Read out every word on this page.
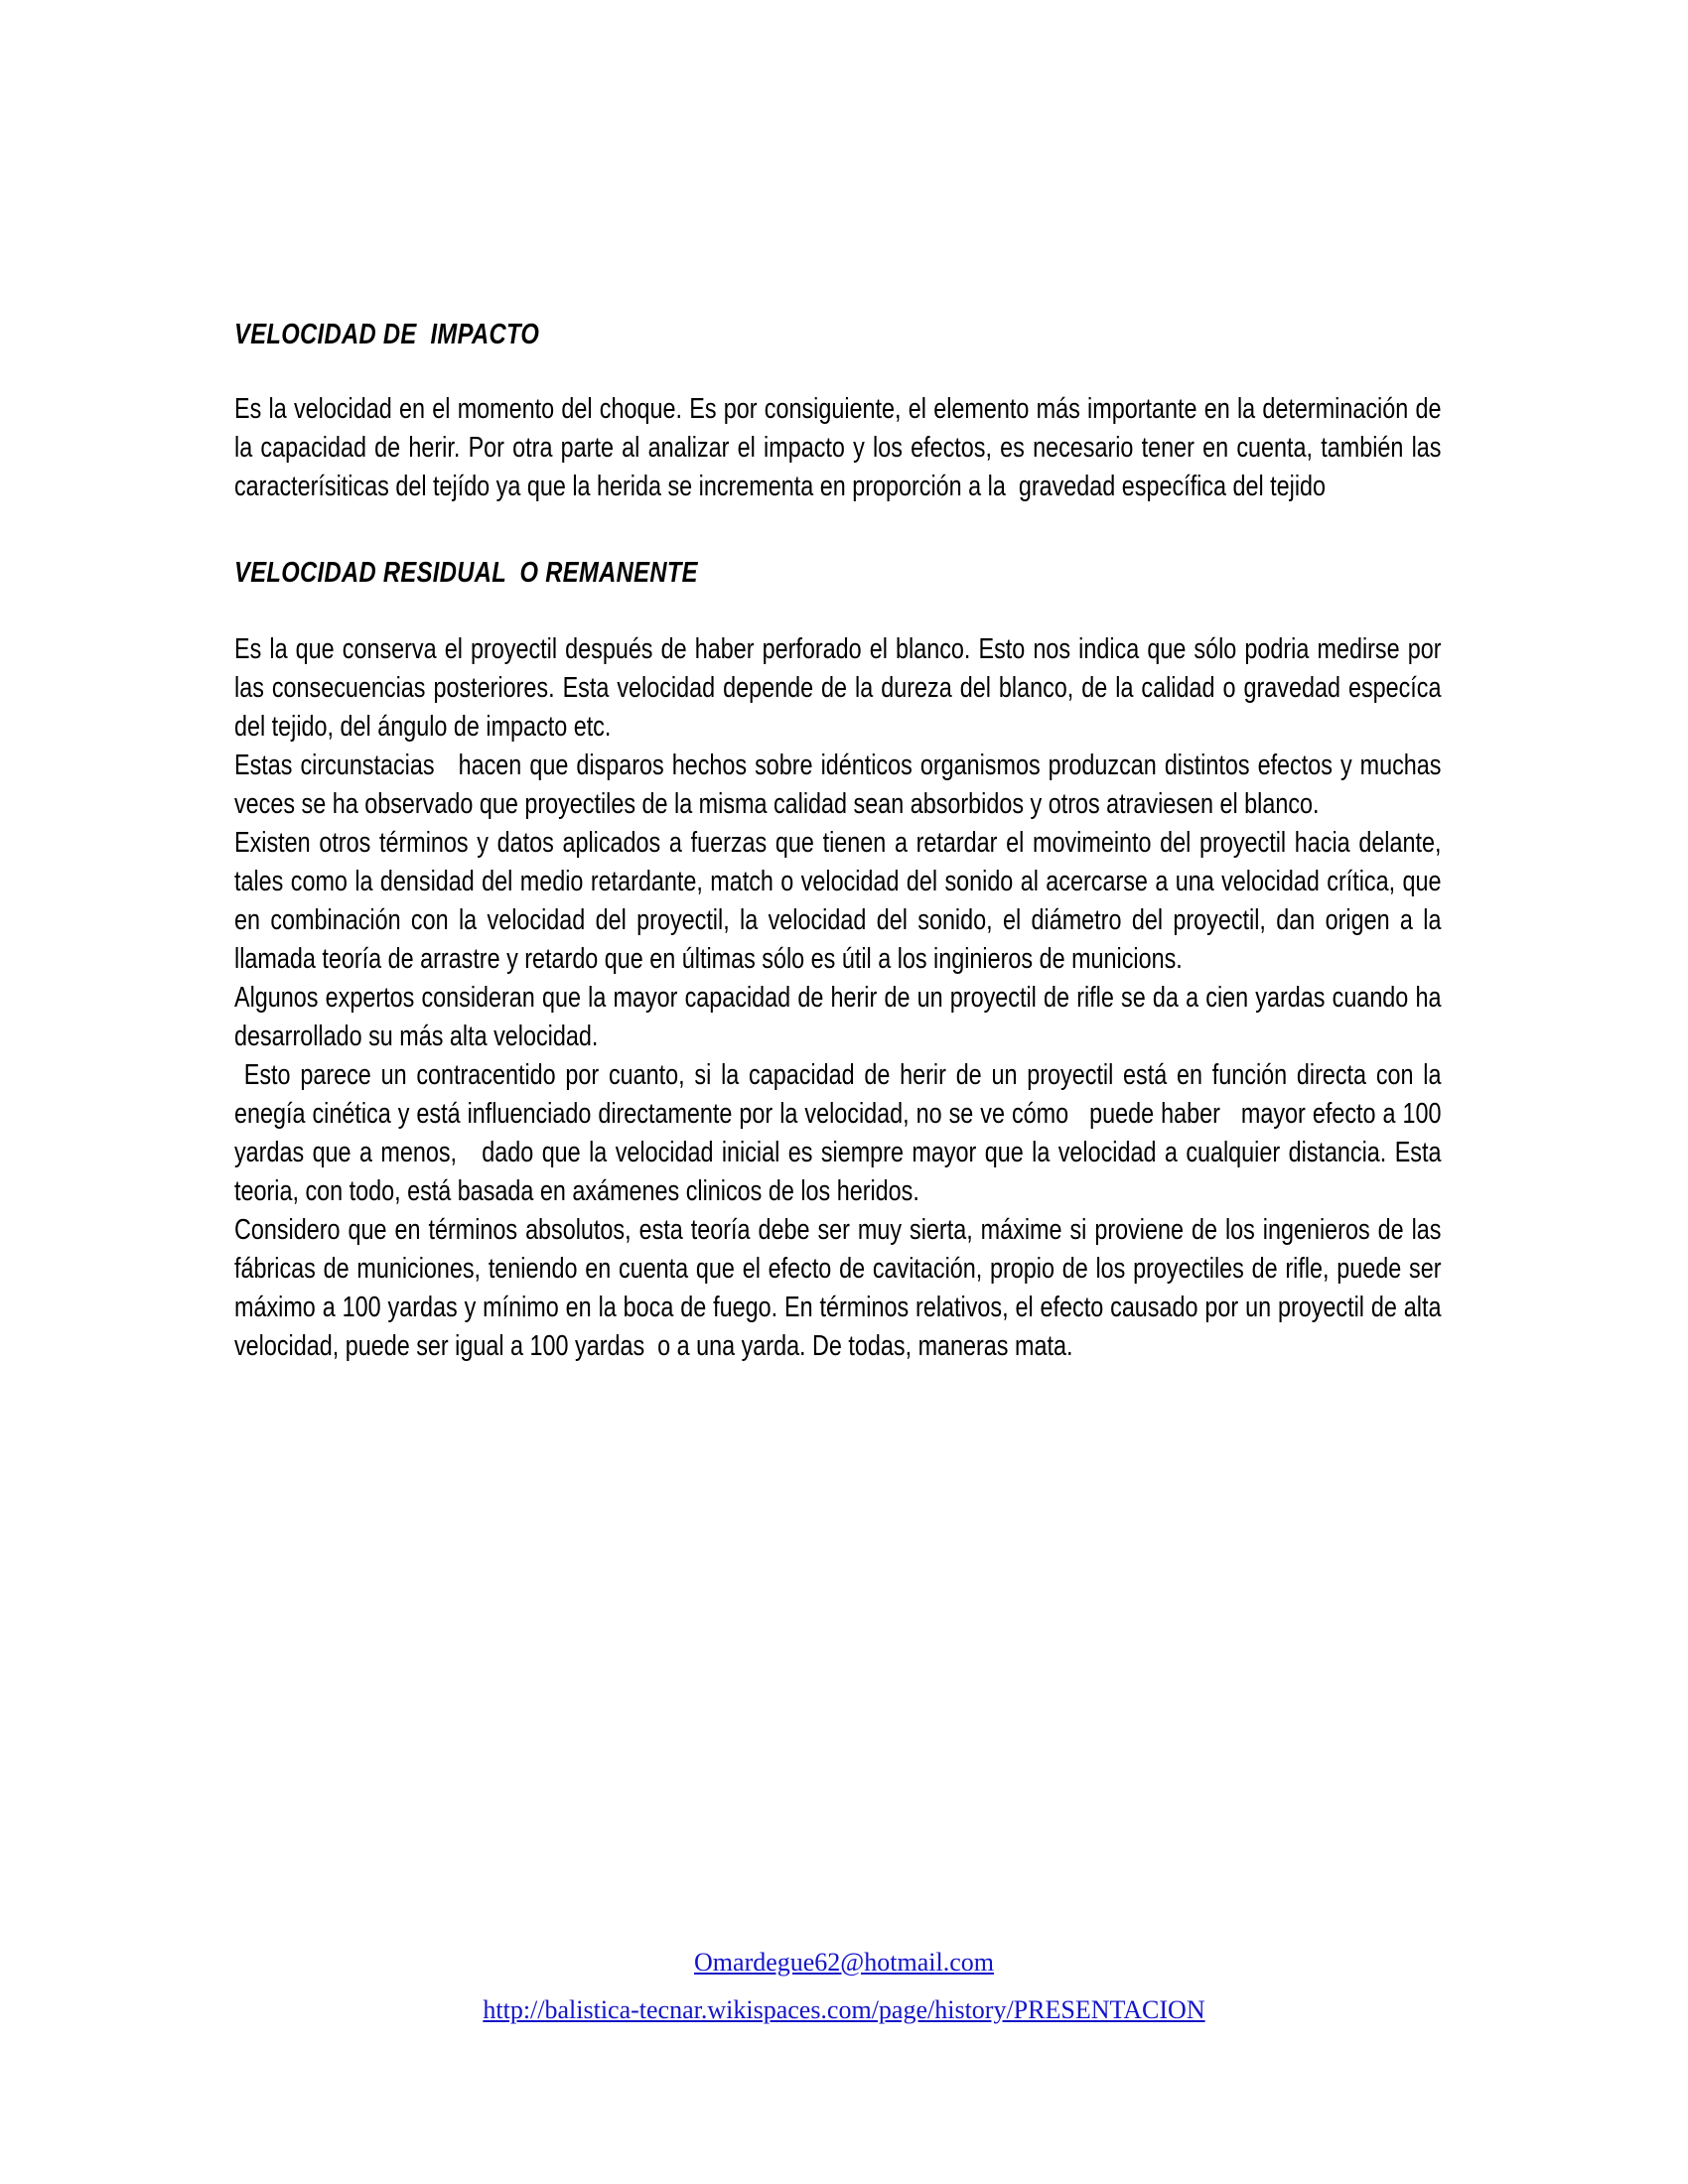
VELOCIDAD DE  IMPACTO

Es la velocidad en el momento del choque. Es por consiguiente, el elemento más importante en la determinación de la capacidad de herir. Por otra parte al analizar el impacto y los efectos, es necesario tener en cuenta, también las caracterísiticas del tejído ya que la herida se incrementa en proporción a la  gravedad específica del tejido

VELOCIDAD RESIDUAL  O REMANENTE

Es la que conserva el proyectil después de haber perforado el blanco. Esto nos indica que sólo podria medirse por las consecuencias posteriores. Esta velocidad depende de la dureza del blanco, de la calidad o gravedad especíca del tejido, del ángulo de impacto etc.

Estas circunstacias   hacen que disparos hechos sobre idénticos organismos produzcan distintos efectos y muchas veces se ha observado que proyectiles de la misma calidad sean absorbidos y otros atraviesen el blanco.

Existen otros términos y datos aplicados a fuerzas que tienen a retardar el movimeinto del proyectil hacia delante, tales como la densidad del medio retardante, match o velocidad del sonido al acercarse a una velocidad crítica, que en combinación con la velocidad del proyectil, la velocidad del sonido, el diámetro del proyectil, dan origen a la llamada teoría de arrastre y retardo que en últimas sólo es útil a los inginieros de municions.

Algunos expertos consideran que la mayor capacidad de herir de un proyectil de rifle se da a cien yardas cuando ha desarrollado su más alta velocidad.

Esto parece un contracentido por cuanto, si la capacidad de herir de un proyectil está en función directa con la enegía cinética y está influenciado directamente por la velocidad, no se ve cómo   puede haber   mayor efecto a 100 yardas que a menos,   dado que la velocidad inicial es siempre mayor que la velocidad a cualquier distancia. Esta teoria, con todo, está basada en axámenes clinicos de los heridos.

Considero que en términos absolutos, esta teoría debe ser muy sierta, máxime si proviene de los ingenieros de las fábricas de municiones, teniendo en cuenta que el efecto de cavitación, propio de los proyectiles de rifle, puede ser máximo a 100 yardas y mínimo en la boca de fuego. En términos relativos, el efecto causado por un proyectil de alta velocidad, puede ser igual a 100 yardas  o a una yarda. De todas, maneras mata.

Omardegue62@hotmail.com
http://balistica-tecnar.wikispaces.com/page/history/PRESENTACION
